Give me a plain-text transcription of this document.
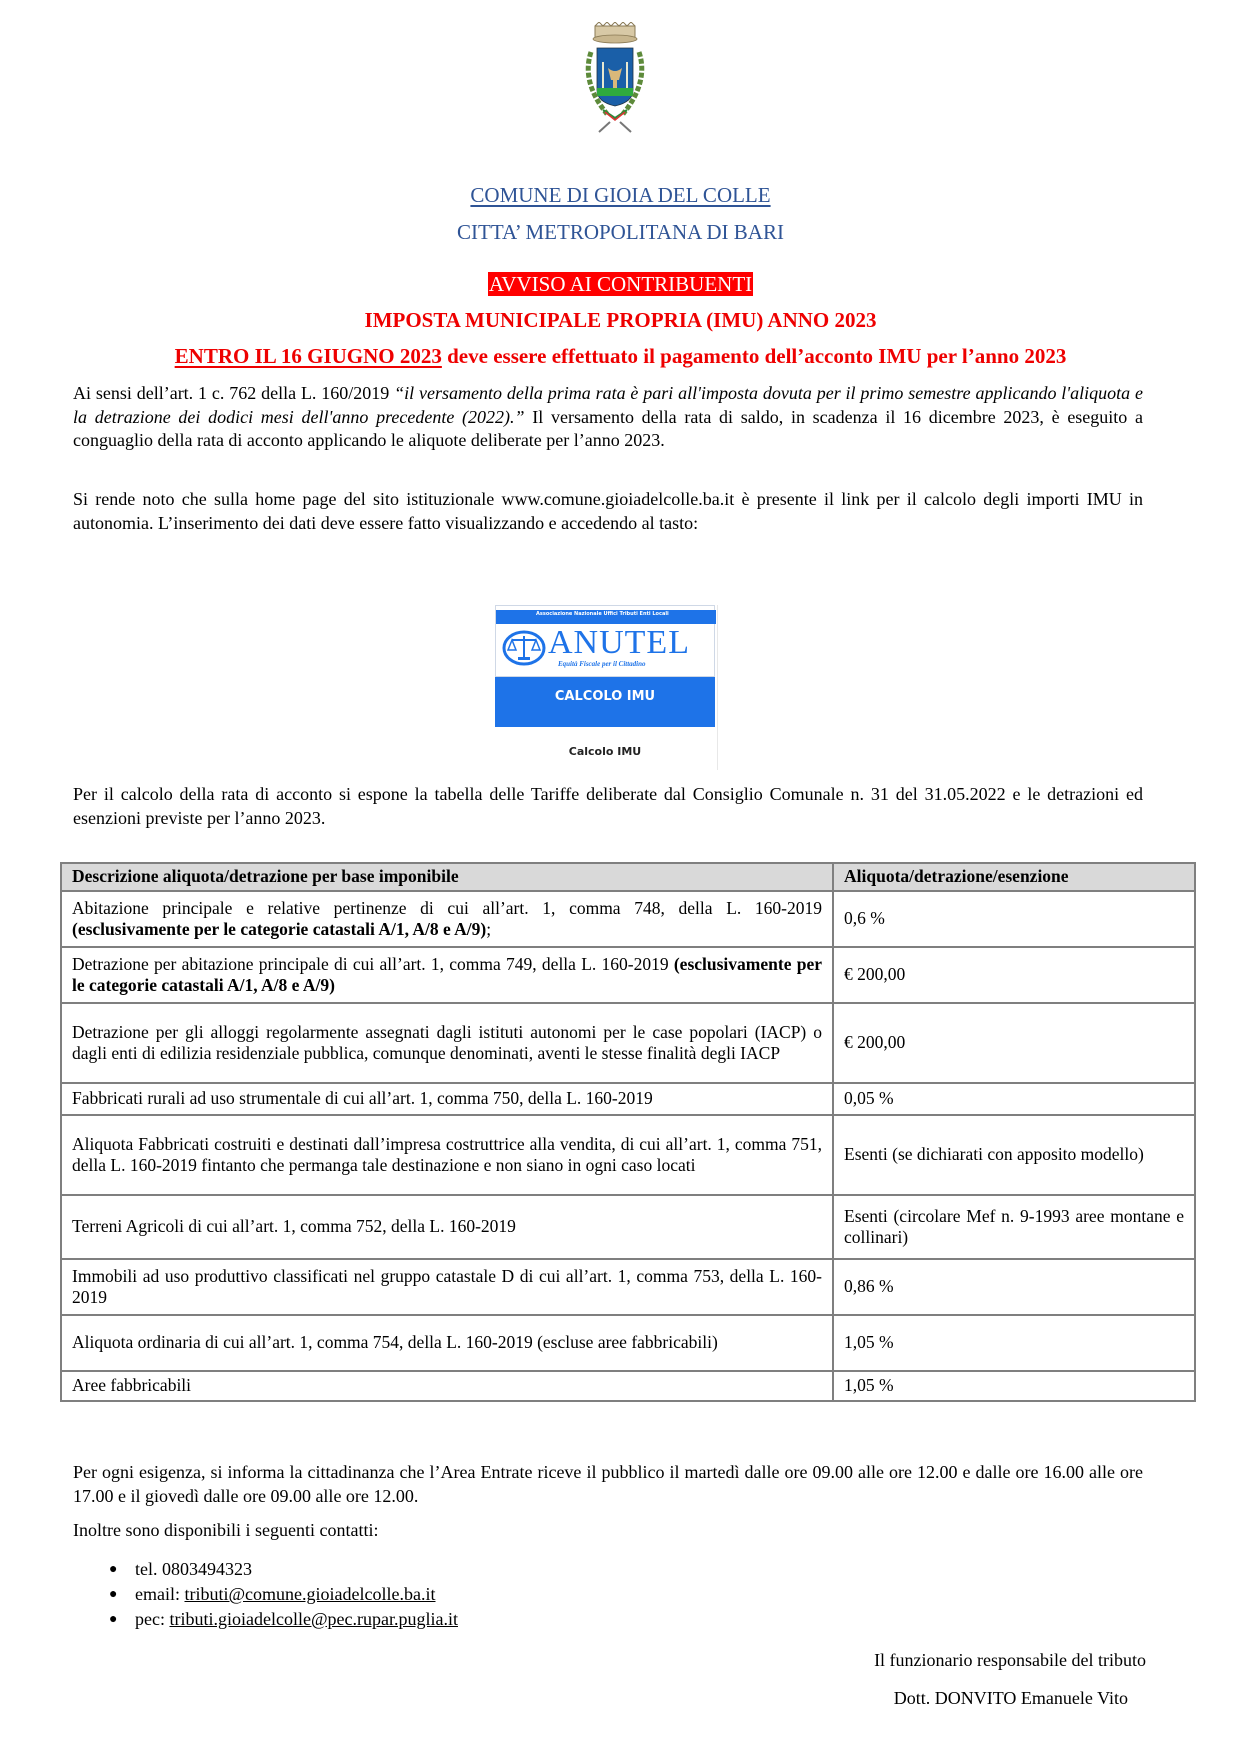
COMUNE DI GIOIA DEL COLLE
CITTA’ METROPOLITANA DI BARI
AVVISO AI CONTRIBUENTI
IMPOSTA MUNICIPALE PROPRIA (IMU) ANNO 2023
ENTRO IL 16 GIUGNO 2023 deve essere effettuato il pagamento dell’acconto IMU per l’anno 2023
Ai sensi dell’art. 1 c. 762 della L. 160/2019 “il versamento della prima rata è pari all'imposta dovuta per il primo semestre applicando l'aliquota e la detrazione dei dodici mesi dell'anno precedente (2022).” Il versamento della rata di saldo, in scadenza il 16 dicembre 2023, è eseguito a conguaglio della rata di acconto applicando le aliquote deliberate per l’anno 2023.
Si rende noto che sulla home page del sito istituzionale www.comune.gioiadelcolle.ba.it è presente il link per il calcolo degli importi IMU in autonomia. L’inserimento dei dati deve essere fatto visualizzando e accedendo al tasto:
Associazione Nazionale Uffici Tributi Enti Locali
ANUTEL
Equità Fiscale per il Cittadino
CALCOLO IMU
Calcolo IMU
Per il calcolo della rata di acconto si espone la tabella delle Tariffe deliberate dal Consiglio Comunale n. 31 del 31.05.2022 e le detrazioni ed esenzioni previste per l’anno 2023.
Descrizione aliquota/detrazione per base imponibile	Aliquota/detrazione/esenzione
Abitazione principale e relative pertinenze di cui all’art. 1, comma 748, della L. 160-2019 (esclusivamente per le categorie catastali A/1, A/8 e A/9);	0,6 %
Detrazione per abitazione principale di cui all’art. 1, comma 749, della L. 160-2019 (esclusivamente per le categorie catastali A/1, A/8 e A/9)	€ 200,00
Detrazione per gli alloggi regolarmente assegnati dagli istituti autonomi per le case popolari (IACP) o dagli enti di edilizia residenziale pubblica, comunque denominati, aventi le stesse finalità degli IACP	€ 200,00
Fabbricati rurali ad uso strumentale di cui all’art. 1, comma 750, della L. 160-2019	0,05 %
Aliquota Fabbricati costruiti e destinati dall’impresa costruttrice alla vendita, di cui all’art. 1, comma 751, della L. 160-2019 fintanto che permanga tale destinazione e non siano in ogni caso locati	Esenti (se dichiarati con apposito modello)
Terreni Agricoli di cui all’art. 1, comma 752, della L. 160-2019	Esenti (circolare Mef n. 9-1993 aree montane e collinari)
Immobili ad uso produttivo classificati nel gruppo catastale D di cui all’art. 1, comma 753, della L. 160-2019	0,86 %
Aliquota ordinaria di cui all’art. 1, comma 754, della L. 160-2019 (escluse aree fabbricabili)	1,05 %
Aree fabbricabili	1,05 %
Per ogni esigenza, si informa la cittadinanza che l’Area Entrate riceve il pubblico il martedì dalle ore 09.00 alle ore 12.00 e dalle ore 16.00 alle ore 17.00 e il giovedì dalle ore 09.00 alle ore 12.00.
Inoltre sono disponibili i seguenti contatti:
● tel. 0803494323
● email: tributi@comune.gioiadelcolle.ba.it
● pec: tributi.gioiadelcolle@pec.rupar.puglia.it
Il funzionario responsabile del tributo
Dott. DONVITO Emanuele Vito
